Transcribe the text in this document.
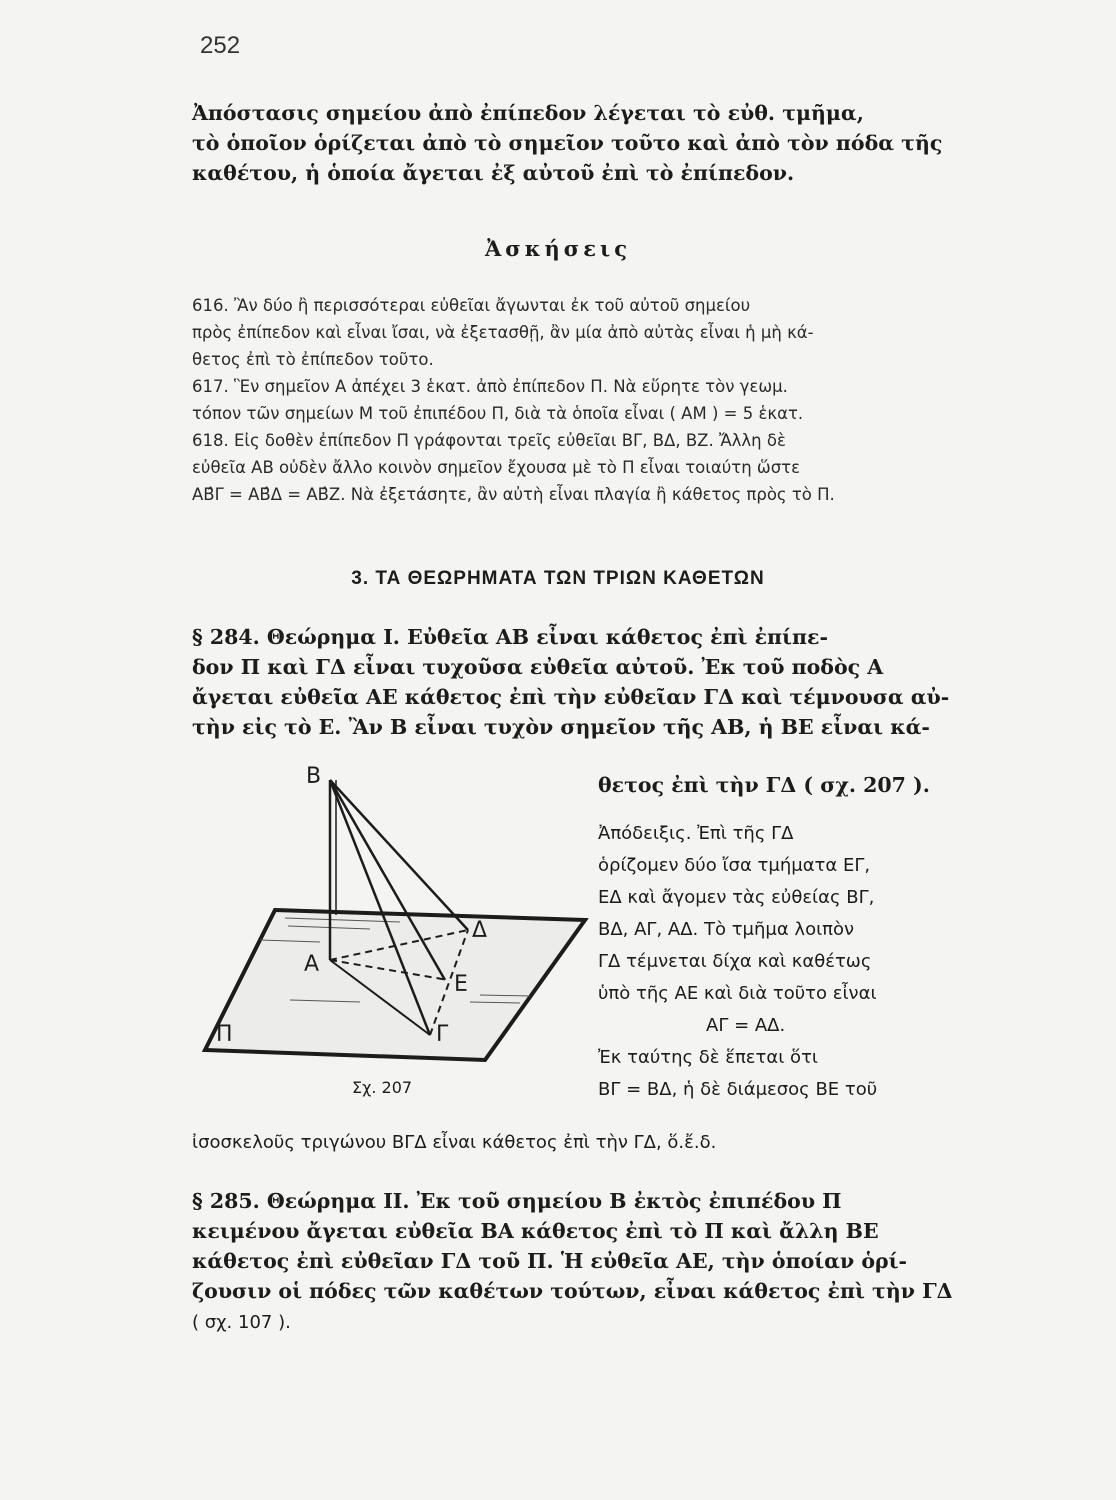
252
Ἀπόστασις σημείου ἀπὸ ἐπίπεδον λέγεται τὸ εὐθ. τμῆμα,
τὸ ὁποῖον ὁρίζεται ἀπὸ τὸ σημεῖον τοῦτο καὶ ἀπὸ τὸν πόδα τῆς
καθέτου, ἡ ὁποία ἄγεται ἐξ αὐτοῦ ἐπὶ τὸ ἐπίπεδον.
Ἀσκήσεις
616. Ἂν δύο ἢ περισσότεραι εὐθεῖαι ἄγωνται ἐκ τοῦ αὐτοῦ σημείου
πρὸς ἐπίπεδον καὶ εἶναι ἴσαι, νὰ ἐξετασθῇ, ἂν μία ἀπὸ αὐτὰς εἶναι ἡ μὴ κά-
θετος ἐπὶ τὸ ἐπίπεδον τοῦτο.
617. Ἓν σημεῖον Α ἀπέχει 3 ἑκατ. ἀπὸ ἐπίπεδον Π. Νὰ εὕρητε τὸν γεωμ.
τόπον τῶν σημείων Μ τοῦ ἐπιπέδου Π, διὰ τὰ ὁποῖα εἶναι ( ΑΜ ) = 5 ἑκατ.
618. Εἰς δοθὲν ἐπίπεδον Π γράφονται τρεῖς εὐθεῖαι ΒΓ, ΒΔ, ΒΖ. Ἄλλη δὲ
εὐθεῖα ΑΒ οὐδὲν ἄλλο κοινὸν σημεῖον ἔχουσα μὲ τὸ Π εἶναι τοιαύτη ὥστε
ΑΒ̂Γ = ΑΒ̂Δ = ΑΒ̂Ζ. Νὰ ἐξετάσητε, ἂν αὐτὴ εἶναι πλαγία ἢ κάθετος πρὸς τὸ Π.
3. ΤΑ ΘΕΩΡΗΜΑΤΑ ΤΩΝ ΤΡΙΩΝ ΚΑΘΕΤΩΝ
§ 284. Θεώρημα Ι. Εὐθεῖα ΑΒ εἶναι κάθετος ἐπὶ ἐπίπε-
δον Π καὶ ΓΔ εἶναι τυχοῦσα εὐθεῖα αὐτοῦ. Ἐκ τοῦ ποδὸς Α
ἄγεται εὐθεῖα ΑΕ κάθετος ἐπὶ τὴν εὐθεῖαν ΓΔ καὶ τέμνουσα αὐ-
τὴν εἰς τὸ Ε. Ἂν Β εἶναι τυχὸν σημεῖον τῆς ΑΒ, ἡ ΒΕ εἶναι κά-
θετος ἐπὶ τὴν ΓΔ ( σχ. 207 ).
Ἀπόδειξις. Ἐπὶ τῆς ΓΔ
ὁρίζομεν δύο ἴσα τμήματα ΕΓ,
ΕΔ καὶ ἄγομεν τὰς εὐθείας ΒΓ,
ΒΔ, ΑΓ, ΑΔ. Τὸ τμῆμα λοιπὸν
ΓΔ τέμνεται δίχα καὶ καθέτως
ὑπὸ τῆς ΑΕ καὶ διὰ τοῦτο εἶναι
ΑΓ = ΑΔ.
Ἐκ ταύτης δὲ ἕπεται ὅτι
ΒΓ = ΒΔ, ἡ δὲ διάμεσος ΒΕ τοῦ
ἰσοσκελοῦς τριγώνου ΒΓΔ εἶναι κάθετος ἐπὶ τὴν ΓΔ, ὅ.ἔ.δ.
Β
Α
Δ
Ε
Γ
Π
Σχ. 207
§ 285. Θεώρημα ΙΙ. Ἐκ τοῦ σημείου Β ἐκτὸς ἐπιπέδου Π
κειμένου ἄγεται εὐθεῖα ΒΑ κάθετος ἐπὶ τὸ Π καὶ ἄλλη ΒΕ
κάθετος ἐπὶ εὐθεῖαν ΓΔ τοῦ Π. Ἡ εὐθεῖα ΑΕ, τὴν ὁποίαν ὁρί-
ζουσιν οἱ πόδες τῶν καθέτων τούτων, εἶναι κάθετος ἐπὶ τὴν ΓΔ
( σχ. 107 ).
